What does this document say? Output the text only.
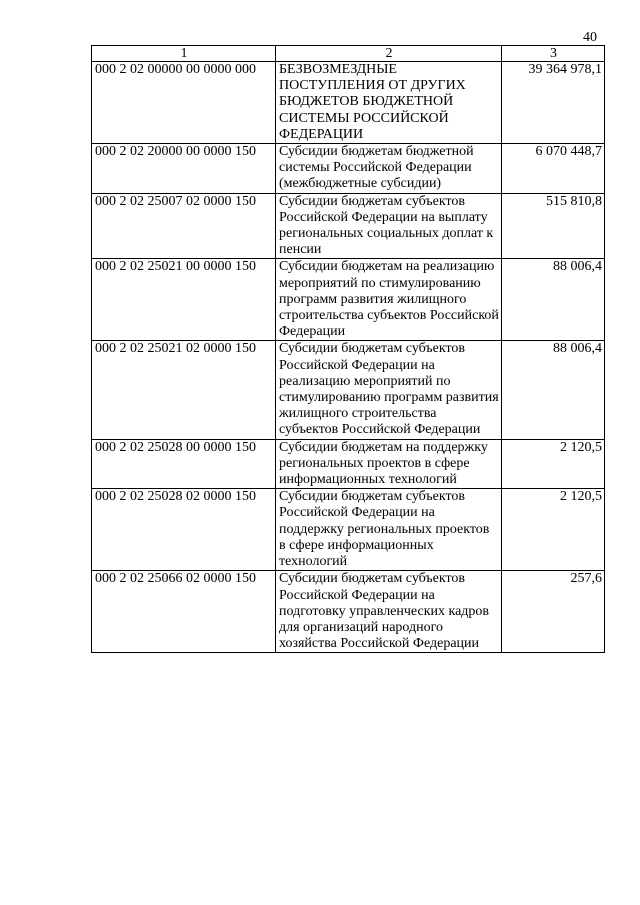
40
1	2	3
000 2 02 00000 00 0000 000	БЕЗВОЗМЕЗДНЫЕ ПОСТУПЛЕНИЯ ОТ ДРУГИХ БЮДЖЕТОВ БЮДЖЕТНОЙ СИСТЕМЫ РОССИЙСКОЙ ФЕДЕРАЦИИ	39 364 978,1
000 2 02 20000 00 0000 150	Субсидии бюджетам бюджетной системы Российской Федерации (межбюджетные субсидии)	6 070 448,7
000 2 02 25007 02 0000 150	Субсидии бюджетам субъектов Российской Федерации на выплату региональных социальных доплат к пенсии	515 810,8
000 2 02 25021 00 0000 150	Субсидии бюджетам на реализацию мероприятий по стимулированию программ развития жилищного строительства субъектов Российской Федерации	88 006,4
000 2 02 25021 02 0000 150	Субсидии бюджетам субъектов Российской Федерации на реализацию мероприятий по стимулированию программ развития жилищного строительства субъектов Российской Федерации	88 006,4
000 2 02 25028 00 0000 150	Субсидии бюджетам на поддержку региональных проектов в сфере информационных технологий	2 120,5
000 2 02 25028 02 0000 150	Субсидии бюджетам субъектов Российской Федерации на поддержку региональных проектов в сфере информационных технологий	2 120,5
000 2 02 25066 02 0000 150	Субсидии бюджетам субъектов Российской Федерации на подготовку управленческих кадров для организаций народного хозяйства Российской Федерации	257,6
